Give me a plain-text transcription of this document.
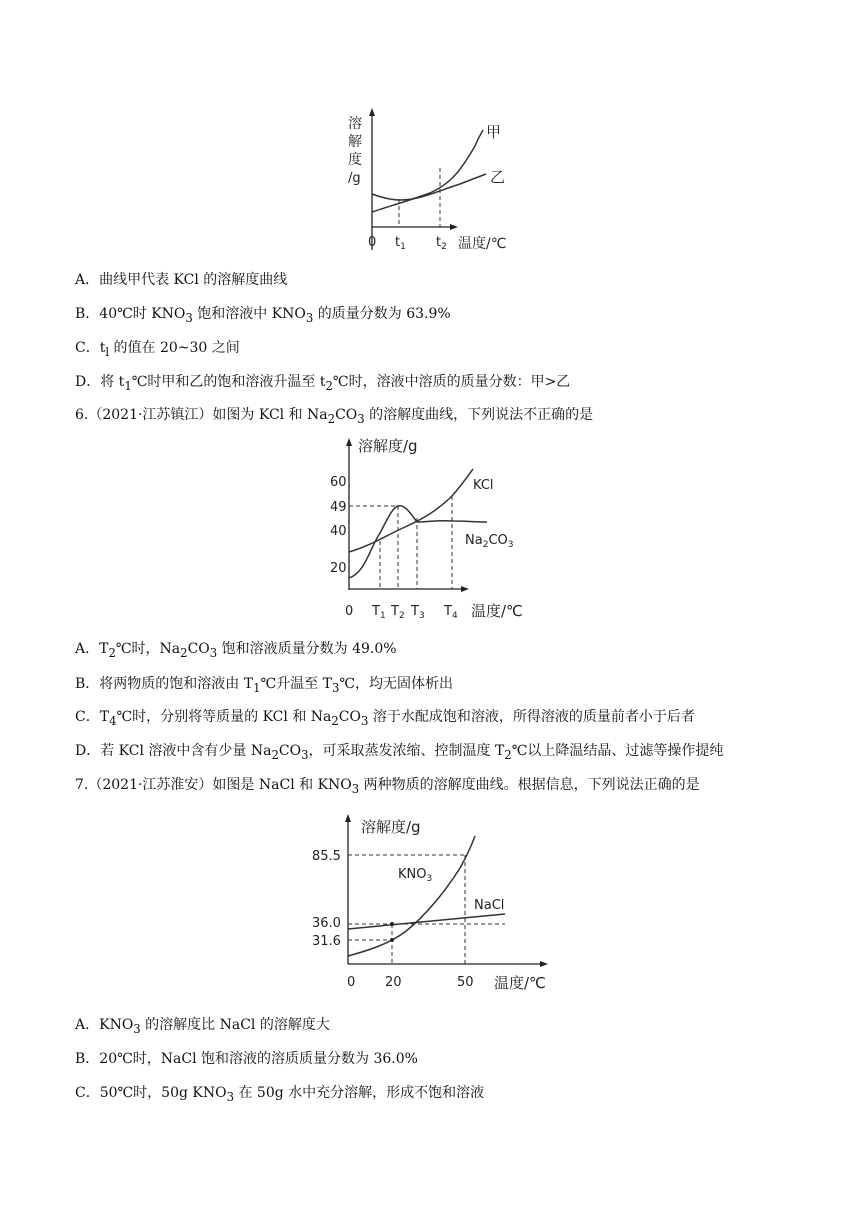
溶
解
度
/g
0 $t_1$ $t_2$ 温度/℃
甲
乙
A．曲线甲代表 KCl 的溶解度曲线
B．40℃时 $KNO_3$ 饱和溶液中 $KNO_3$ 的质量分数为 63.9%
C．$t_l$ 的值在 20~30 之间
D．将 $t_1℃$时甲和乙的饱和溶液升温至 $t_2℃$时，溶液中溶质的质量分数：甲>乙
6.（2021·江苏镇江）如图为 KCl 和 $Na_2CO_3$ 的溶解度曲线，下列说法不正确的是
溶解度/g
60
49
40
20
0 $T_1$ $T_2$ $T_3$ $T_4$ 温度/℃
KCl
$Na_2CO_3$
A．$T_2℃$时，$Na_2CO_3$ 饱和溶液质量分数为 49.0%
B．将两物质的饱和溶液由 $T_1℃$升温至 $T_3℃$，均无固体析出
C．$T_4℃$时，分别将等质量的 KCl 和 $Na_2CO_3$ 溶于水配成饱和溶液，所得溶液的质量前者小于后者
D．若 KCl 溶液中含有少量 $Na_2CO_3$，可采取蒸发浓缩、控制温度 $T_2℃$以上降温结晶、过滤等操作提纯
7.（2021·江苏淮安）如图是 NaCl 和 $KNO_3$ 两种物质的溶解度曲线。根据信息，下列说法正确的是
溶解度/g
85.5
36.0
31.6
0 20	50 温度/℃
$KNO_3$
NaCl
A．$KNO_3$ 的溶解度比 NaCl 的溶解度大
B．20℃时，NaCl 饱和溶液的溶质质量分数为 36.0%
C．50℃时，50g $KNO_3$ 在 50g 水中充分溶解，形成不饱和溶液
